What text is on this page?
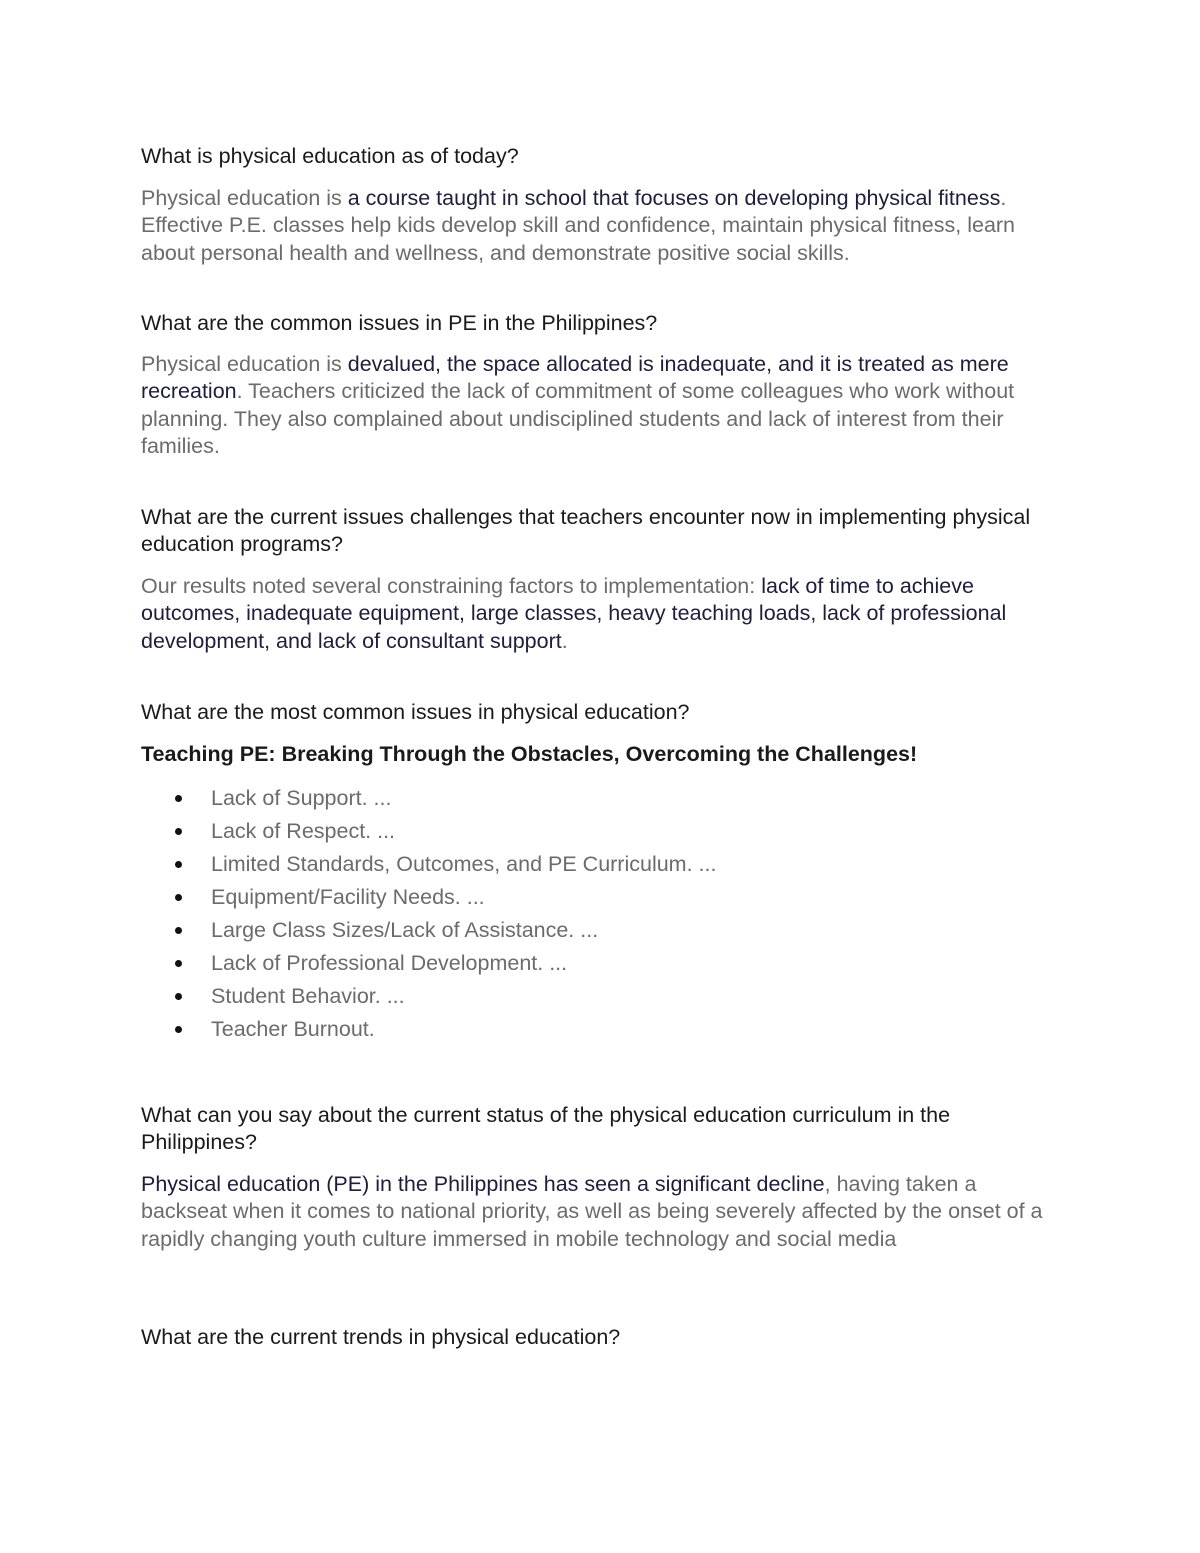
What is physical education as of today?

Physical education is a course taught in school that focuses on developing physical fitness. Effective P.E. classes help kids develop skill and confidence, maintain physical fitness, learn about personal health and wellness, and demonstrate positive social skills.

What are the common issues in PE in the Philippines?

Physical education is devalued, the space allocated is inadequate, and it is treated as mere recreation. Teachers criticized the lack of commitment of some colleagues who work without planning. They also complained about undisciplined students and lack of interest from their families.

What are the current issues challenges that teachers encounter now in implementing physical education programs?

Our results noted several constraining factors to implementation: lack of time to achieve outcomes, inadequate equipment, large classes, heavy teaching loads, lack of professional development, and lack of consultant support.

What are the most common issues in physical education?

Teaching PE: Breaking Through the Obstacles, Overcoming the Challenges!

Lack of Support. ...
Lack of Respect. ...
Limited Standards, Outcomes, and PE Curriculum. ...
Equipment/Facility Needs. ...
Large Class Sizes/Lack of Assistance. ...
Lack of Professional Development. ...
Student Behavior. ...
Teacher Burnout.

What can you say about the current status of the physical education curriculum in the Philippines?

Physical education (PE) in the Philippines has seen a significant decline, having taken a backseat when it comes to national priority, as well as being severely affected by the onset of a rapidly changing youth culture immersed in mobile technology and social media

What are the current trends in physical education?
